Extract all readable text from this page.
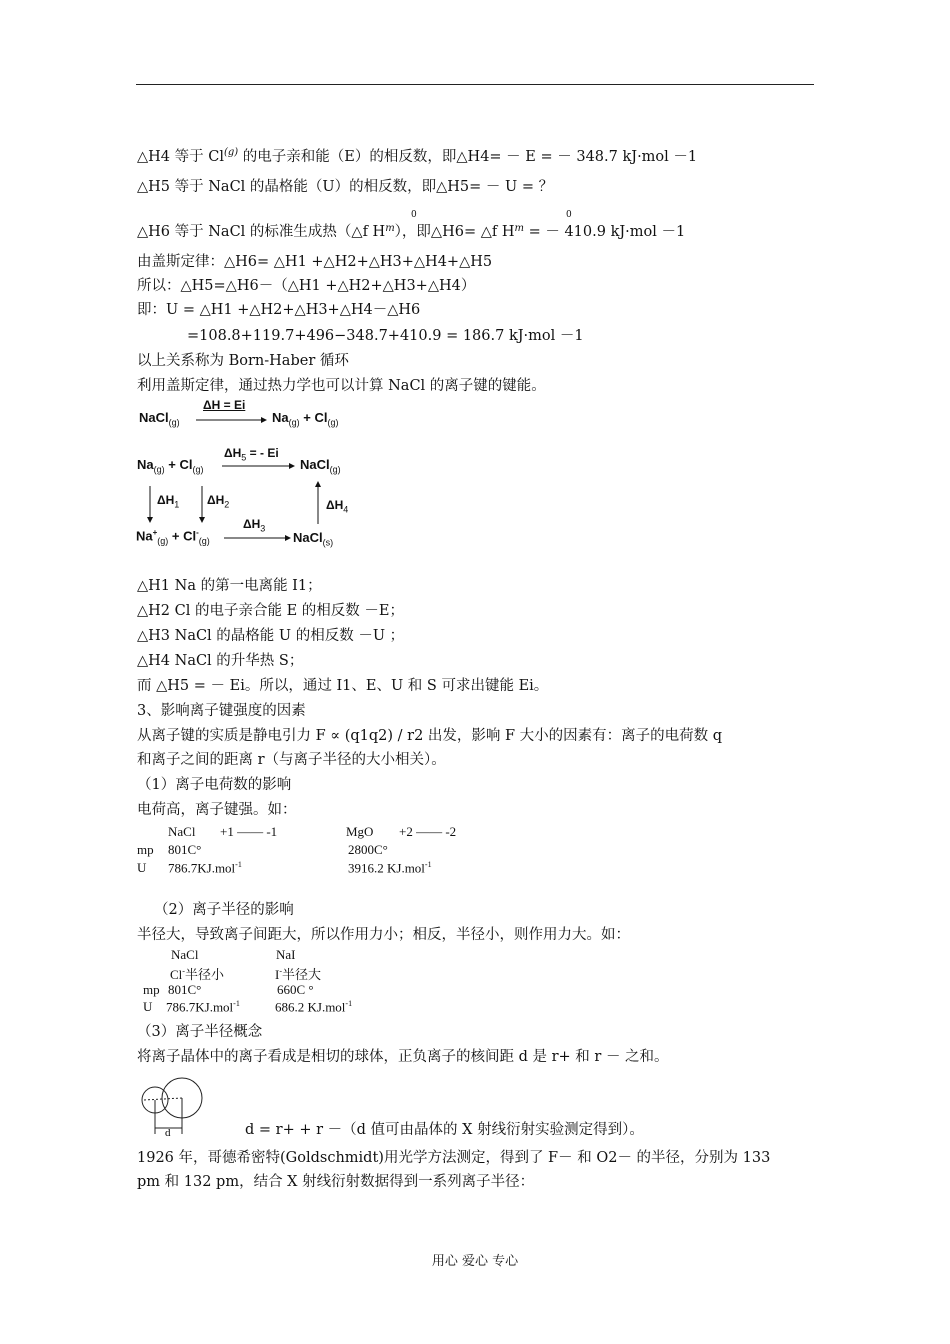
△H4 等于 Cl$^{(g)}$ 的电子亲和能（E）的相反数，即△H4= － E = － 348.7 kJ·mol －1
△H5 等于 NaCl 的晶格能（U）的相反数，即△H5= － U = ？
0	0
△H6 等于 NaCl 的标准生成热（△f $H^m$），即△H6= △f $H^m$ = － 410.9 kJ·mol －1
由盖斯定律：△H6= △H1 +△H2+△H3+△H4+△H5
所以：△H5=△H6－（△H1 +△H2+△H3+△H4）
即：U = △H1 +△H2+△H3+△H4－△H6
=108.8+119.7+496−348.7+410.9 = 186.7 kJ·mol －1
以上关系称为 Born-Haber 循环
利用盖斯定律，通过热力学也可以计算 NaCl 的离子键的键能。
NaCl$_{(g)}$
ΔH = Ei
$Na_{(g)} + Cl_{(g)}$
$Na_{(g)} + Cl_{(g)}$
$\Delta H_5$ = - Ei
NaCl$_{(g)}$
$\Delta H_1$ $\Delta H_2$
$\Delta H_3$
$\Delta H_4$
$Na^+_{(g)} + Cl^-_{(g)}$	NaCl$_{(s)}$
△H1 Na 的第一电离能 I1；
△H2 Cl 的电子亲合能 E 的相反数 －E；
△H3 NaCl 的晶格能 U 的相反数 －U ；
△H4 NaCl 的升华热 S；
而 △H5 = － Ei。所以，通过 I1、E、U 和 S 可求出键能 Ei。
3、影响离子键强度的因素
从离子键的实质是静电引力 F ∝ (q1q2) / r2 出发，影响 F 大小的因素有：离子的电荷数 q
和离子之间的距离 r（与离子半径的大小相关）。
（1）离子电荷数的影响
电荷高，离子键强。如：
NaCl +1 —— -1	MgO +2 —— -2
mp 801C°	2800C°
U 786.7KJ.mol$^{-1}$	3916.2 KJ.mol$^{-1}$
（2）离子半径的影响
半径大，导致离子间距大，所以作用力小；相反，半径小，则作用力大。如：
NaCl	NaI
Cl-半径小	I-半径大
mp 801C°	660C °
U 786.7KJ.mol$^{-1}$	686.2 KJ.mol$^{-1}$
（3）离子半径概念
将离子晶体中的离子看成是相切的球体，正负离子的核间距 d 是 r+ 和 r － 之和。
d	d = r+ + r －（d 值可由晶体的 X 射线衍射实验测定得到）。
1926 年，哥德希密特(Goldschmidt)用光学方法测定，得到了 F－ 和 O2－ 的半径，分别为 133
pm 和 132 pm，结合 X 射线衍射数据得到一系列离子半径：
用心 爱心 专心
